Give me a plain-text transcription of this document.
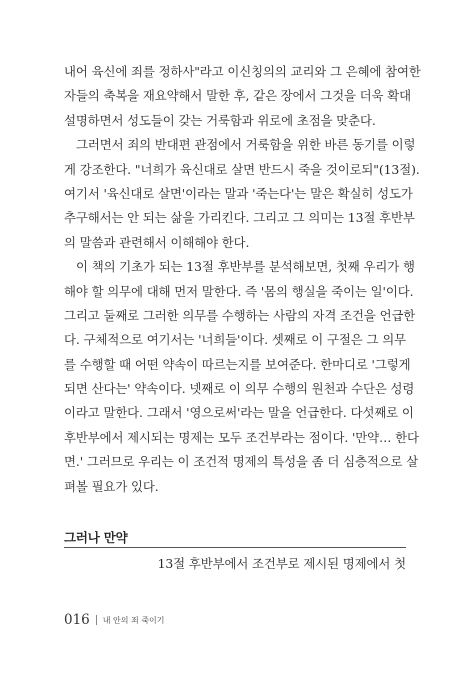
내어 육신에 죄를 정하사"라고 이신칭의의 교리와 그 은혜에 참여한
자들의 축복을 재요약해서 말한 후, 같은 장에서 그것을 더욱 확대
설명하면서 성도들이 갖는 거룩함과 위로에 초점을 맞춘다.
그러면서 죄의 반대편 관점에서 거룩함을 위한 바른 동기를 이렇
게 강조한다. "너희가 육신대로 살면 반드시 죽을 것이로되"(13절).
여기서 '육신대로 살면'이라는 말과 '죽는다'는 말은 확실히 성도가
추구해서는 안 되는 삶을 가리킨다. 그리고 그 의미는 13절 후반부
의 말씀과 관련해서 이해해야 한다.
이 책의 기초가 되는 13절 후반부를 분석해보면, 첫째 우리가 행
해야 할 의무에 대해 먼저 말한다. 즉 '몸의 행실을 죽이는 일'이다.
그리고 둘째로 그러한 의무를 수행하는 사람의 자격 조건을 언급한
다. 구체적으로 여기서는 '너희들'이다. 셋째로 이 구절은 그 의무
를 수행할 때 어떤 약속이 따르는지를 보여준다. 한마디로 '그렇게
되면 산다는' 약속이다. 넷째로 이 의무 수행의 원천과 수단은 성령
이라고 말한다. 그래서 '영으로써'라는 말을 언급한다. 다섯째로 이
후반부에서 제시되는 명제는 모두 조건부라는 점이다. '만약… 한다
면.' 그러므로 우리는 이 조건적 명제의 특성을 좀 더 심층적으로 살
펴볼 필요가 있다.
그러나 만약
13절 후반부에서 조건부로 제시된 명제에서 첫
016 내 안의 죄 죽이기
